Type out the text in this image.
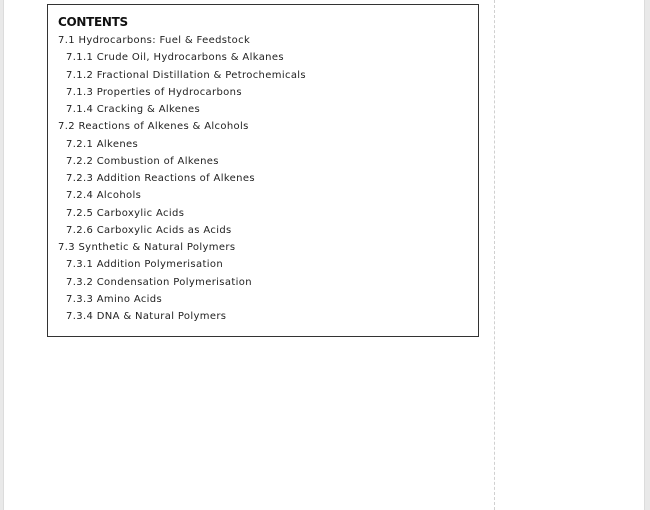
CONTENTS
7.1 Hydrocarbons: Fuel & Feedstock
7.1.1 Crude Oil, Hydrocarbons & Alkanes
7.1.2 Fractional Distillation & Petrochemicals
7.1.3 Properties of Hydrocarbons
7.1.4 Cracking & Alkenes
7.2 Reactions of Alkenes & Alcohols
7.2.1 Alkenes
7.2.2 Combustion of Alkenes
7.2.3 Addition Reactions of Alkenes
7.2.4 Alcohols
7.2.5 Carboxylic Acids
7.2.6 Carboxylic Acids as Acids
7.3 Synthetic & Natural Polymers
7.3.1 Addition Polymerisation
7.3.2 Condensation Polymerisation
7.3.3 Amino Acids
7.3.4 DNA & Natural Polymers
